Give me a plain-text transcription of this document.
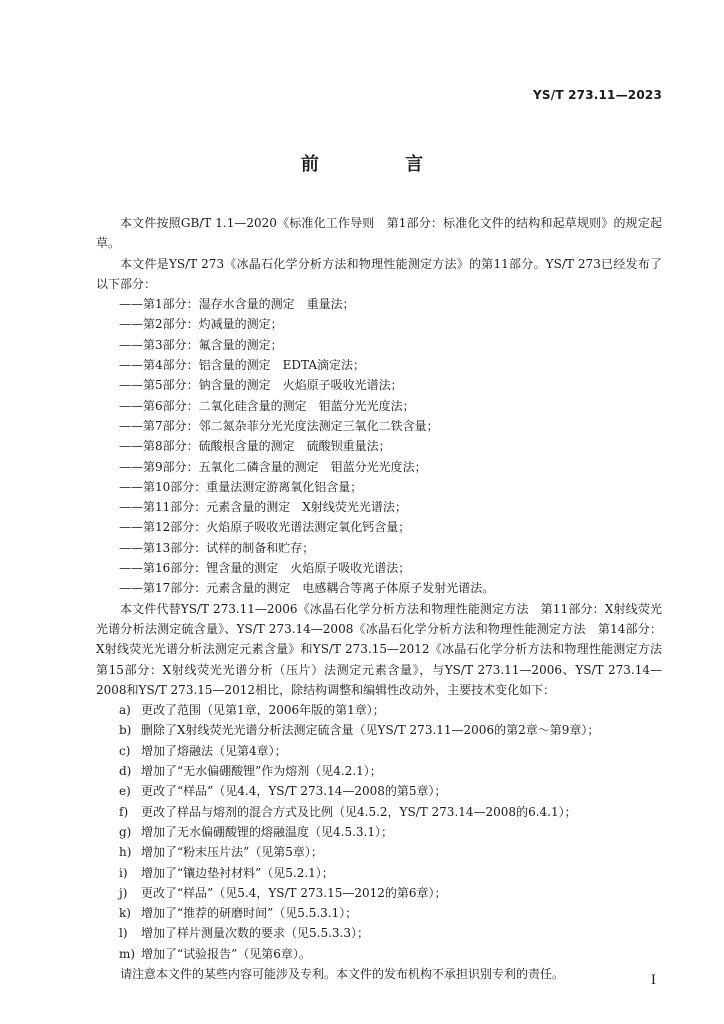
YS/T 273.11—2023
前 言

本文件按照GB/T 1.1—2020《标准化工作导则　第1部分：标准化文件的结构和起草规则》的规定起草。

本文件是YS/T 273《冰晶石化学分析方法和物理性能测定方法》的第11部分。YS/T 273已经发布了以下部分：

——第1部分：湿存水含量的测定　重量法；

——第2部分：灼减量的测定；

——第3部分：氟含量的测定；

——第4部分：铝含量的测定　EDTA滴定法；

——第5部分：钠含量的测定　火焰原子吸收光谱法；

——第6部分：二氧化硅含量的测定　钼蓝分光光度法；

——第7部分：邻二氮杂菲分光光度法测定三氧化二铁含量；

——第8部分：硫酸根含量的测定　硫酸钡重量法；

——第9部分：五氧化二磷含量的测定　钼蓝分光光度法；

——第10部分：重量法测定游离氧化铝含量；

——第11部分：元素含量的测定　X射线荧光光谱法；

——第12部分：火焰原子吸收光谱法测定氧化钙含量；

——第13部分：试样的制备和贮存；

——第16部分：锂含量的测定　火焰原子吸收光谱法；

——第17部分：元素含量的测定　电感耦合等离子体原子发射光谱法。

本文件代替YS/T 273.11—2006《冰晶石化学分析方法和物理性能测定方法　第11部分：X射线荧光光谱分析法测定硫含量》、YS/T 273.14—2008《冰晶石化学分析方法和物理性能测定方法　第14部分：X射线荧光光谱分析法测定元素含量》和YS/T 273.15—2012《冰晶石化学分析方法和物理性能测定方法　第15部分：X射线荧光光谱分析（压片）法测定元素含量》，与YS/T 273.11—2006、YS/T 273.14—2008和YS/T 273.15—2012相比，除结构调整和编辑性改动外，主要技术变化如下：

a) 更改了范围（见第1章，2006年版的第1章）；

b) 删除了X射线荧光光谱分析法测定硫含量（见YS/T 273.11—2006的第2章～第9章）；

c) 增加了熔融法（见第4章）；

d) 增加了“无水偏硼酸锂”作为熔剂（见4.2.1）；

e) 更改了“样品”（见4.4，YS/T 273.14—2008的第5章）；

f) 更改了样品与熔剂的混合方式及比例（见4.5.2，YS/T 273.14—2008的6.4.1）；

g) 增加了无水偏硼酸锂的熔融温度（见4.5.3.1）；

h) 增加了“粉末压片法”（见第5章）；

i) 增加了“镶边垫衬材料”（见5.2.1）；

j) 更改了“样品”（见5.4，YS/T 273.15—2012的第6章）；

k) 增加了“推荐的研磨时间”（见5.5.3.1）；

l) 增加了样片测量次数的要求（见5.5.3.3）；

m) 增加了“试验报告”（见第6章）。

请注意本文件的某些内容可能涉及专利。本文件的发布机构不承担识别专利的责任。	I
